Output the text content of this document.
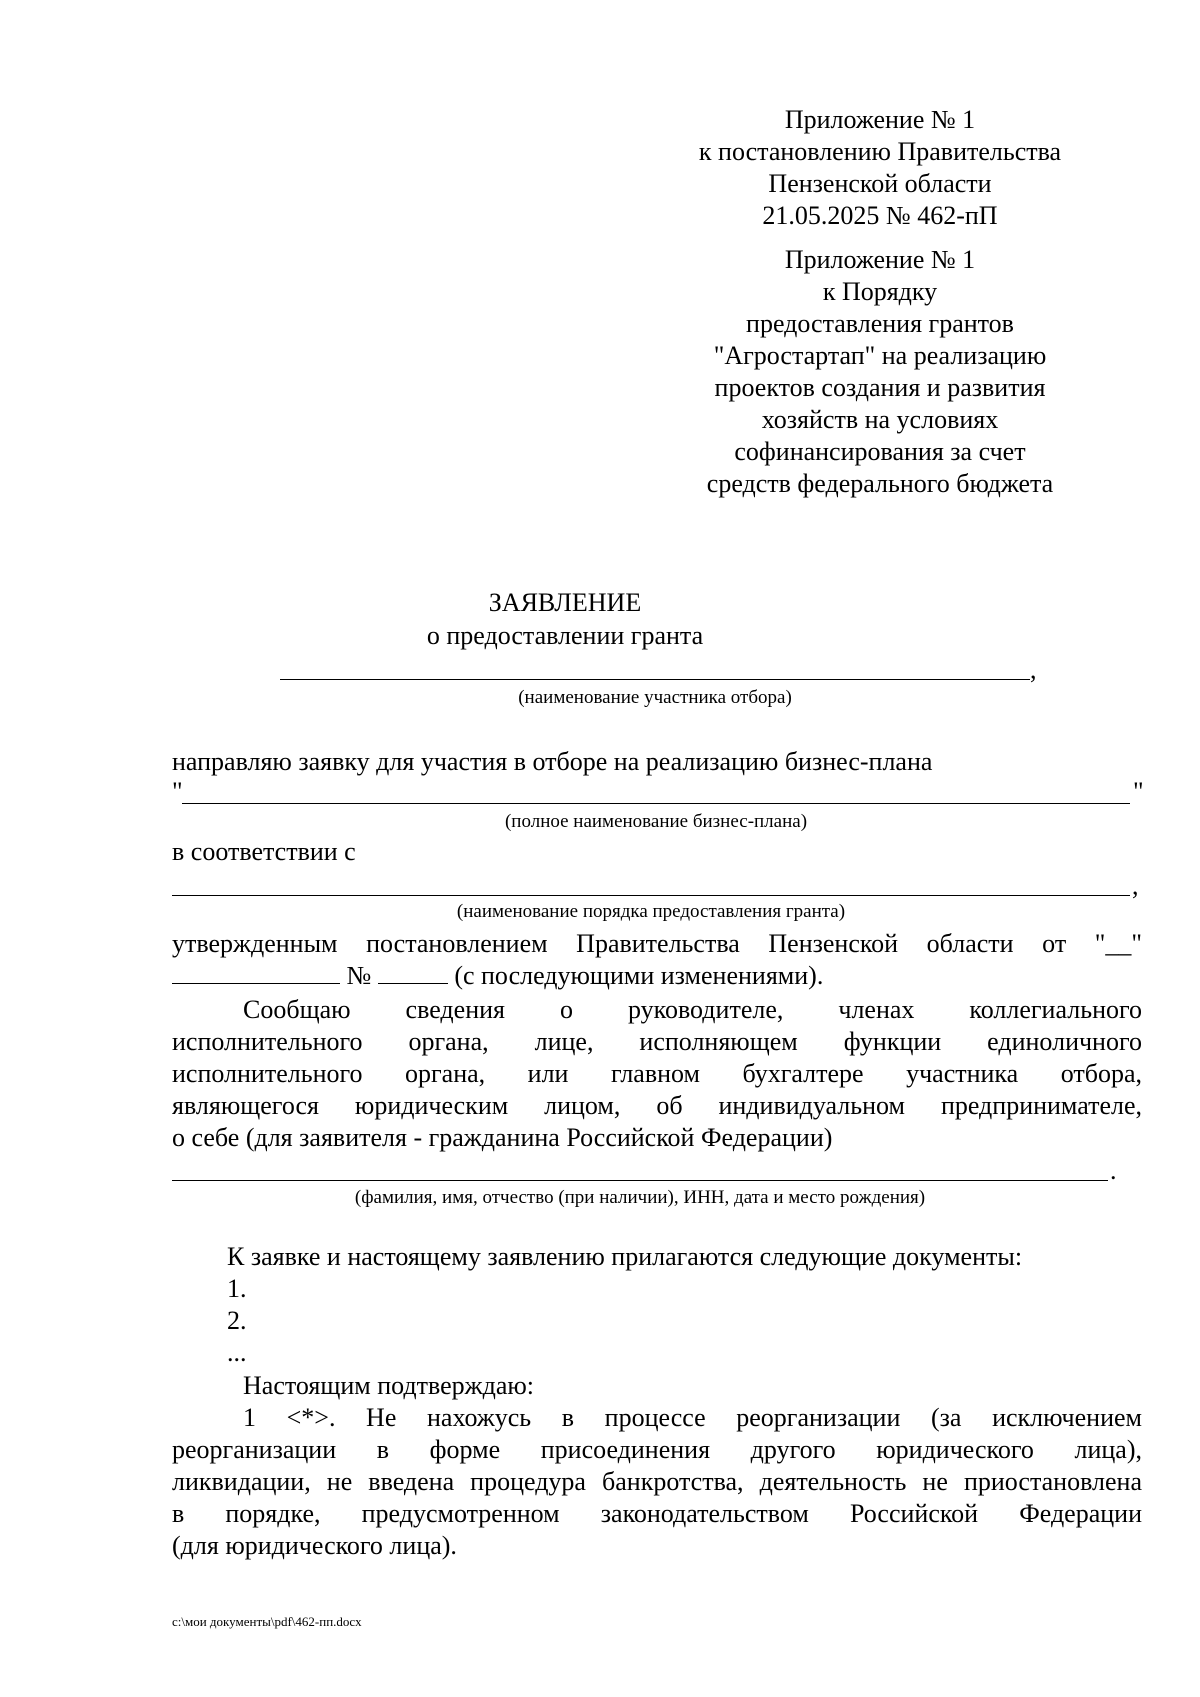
Приложение № 1
к постановлению Правительства
Пензенской области
21.05.2025 № 462-пП
Приложение № 1
к Порядку
предоставления грантов
"Агростартап" на реализацию
проектов создания и развития
хозяйств на условиях
софинансирования за счет
средств федерального бюджета
ЗАЯВЛЕНИЕ
о предоставлении гранта
,
(наименование участника отбора)
направляю заявку для участия в отборе на реализацию бизнес-плана
"	"
(полное наименование бизнес-плана)
в соответствии с
,
(наименование порядка предоставления гранта)
утвержденным постановлением Правительства Пензенской области от "__"
№	(с последующими изменениями).
Сообщаю сведения о руководителе, членах коллегиального
исполнительного органа, лице, исполняющем функции единоличного
исполнительного органа, или главном бухгалтере участника отбора,
являющегося юридическим лицом, об индивидуальном предпринимателе,
о себе (для заявителя - гражданина Российской Федерации)
.
(фамилия, имя, отчество (при наличии), ИНН, дата и место рождения)
К заявке и настоящему заявлению прилагаются следующие документы:
1.
2.
...
Настоящим подтверждаю:
1 <*>. Не нахожусь в процессе реорганизации (за исключением
реорганизации в форме присоединения другого юридического лица),
ликвидации, не введена процедура банкротства, деятельность не приостановлена
в порядке, предусмотренном законодательством Российской Федерации
(для юридического лица).
c:\мои документы\pdf\462-пп.docx
